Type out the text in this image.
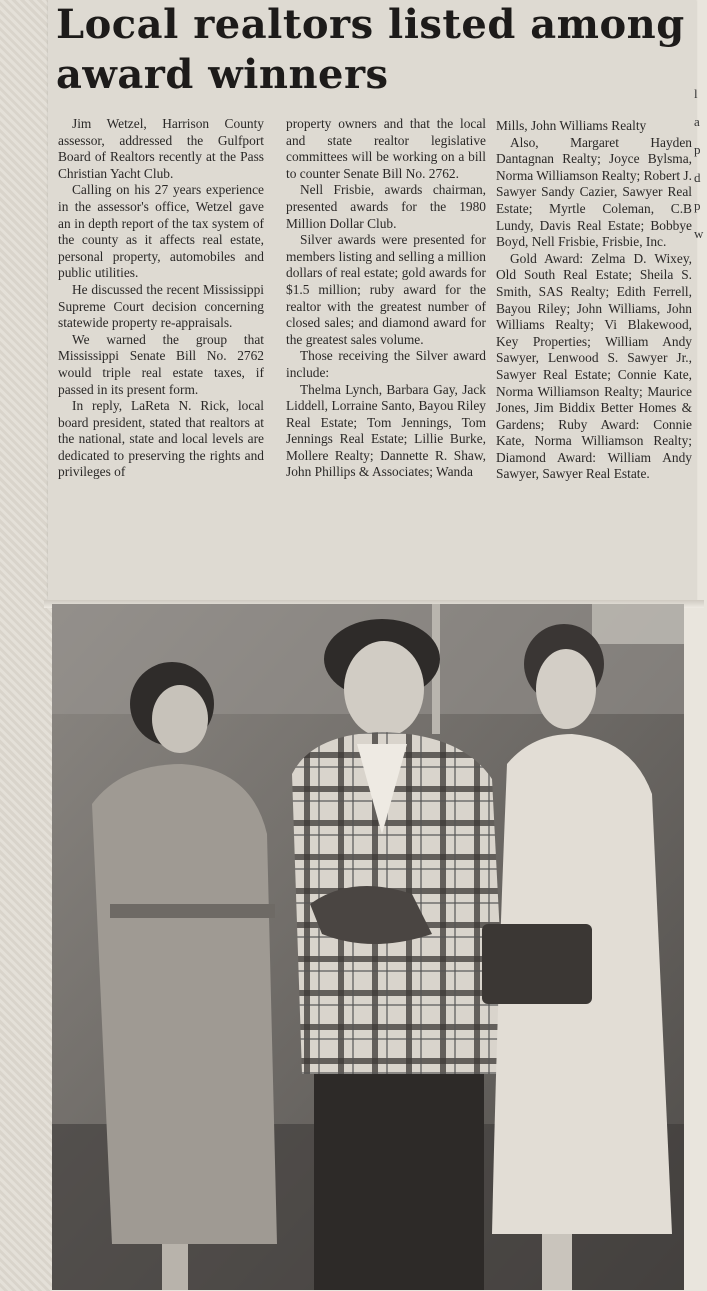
Local realtors listed among award winners

Jim Wetzel, Harrison County assessor, addressed the Gulfport Board of Realtors recently at the Pass Christian Yacht Club.

Calling on his 27 years experience in the assessor's office, Wetzel gave an in depth report of the tax system of the county as it affects real estate, personal property, automobiles and public utilities.

He discussed the recent Mississippi Supreme Court decision concerning statewide property re-appraisals.

We warned the group that Mississippi Senate Bill No. 2762 would triple real estate taxes, if passed in its present form.

In reply, LaReta N. Rick, local board president, stated that realtors at the national, state and local levels are dedicated to preserving the rights and privileges of

property owners and that the local and state realtor legislative committees will be working on a bill to counter Senate Bill No. 2762.

Nell Frisbie, awards chairman, presented awards for the 1980 Million Dollar Club.

Silver awards were presented for members listing and selling a million dollars of real estate; gold awards for $1.5 million; ruby award for the realtor with the greatest number of closed sales; and diamond award for the greatest sales volume.

Those receiving the Silver award include:

Thelma Lynch, Barbara Gay, Jack Liddell, Lorraine Santo, Bayou Riley Real Estate; Tom Jennings, Tom Jennings Real Estate; Lillie Burke, Mollere Realty; Dannette R. Shaw, John Phillips & Associates; Wanda

Mills, John Williams Realty

Also, Margaret Hayden Dantagnan Realty; Joyce Bylsma, Norma Williamson Realty; Robert J. Sawyer Sandy Cazier, Sawyer Real Estate; Myrtle Coleman, C.B Lundy, Davis Real Estate; Bobbye Boyd, Nell Frisbie, Frisbie, Inc.

Gold Award: Zelma D. Wixey, Old South Real Estate; Sheila S. Smith, SAS Realty; Edith Ferrell, Bayou Riley; John Williams, John Williams Realty; Vi Blakewood, Key Properties; William Andy Sawyer, Lenwood S. Sawyer Jr., Sawyer Real Estate; Connie Kate, Norma Williamson Realty; Maurice Jones, Jim Biddix Better Homes & Gardens; Ruby Award: Connie Kate, Norma Williamson Realty; Diamond Award: William Andy Sawyer, Sawyer Real Estate.

l
a
p
d
p
w
